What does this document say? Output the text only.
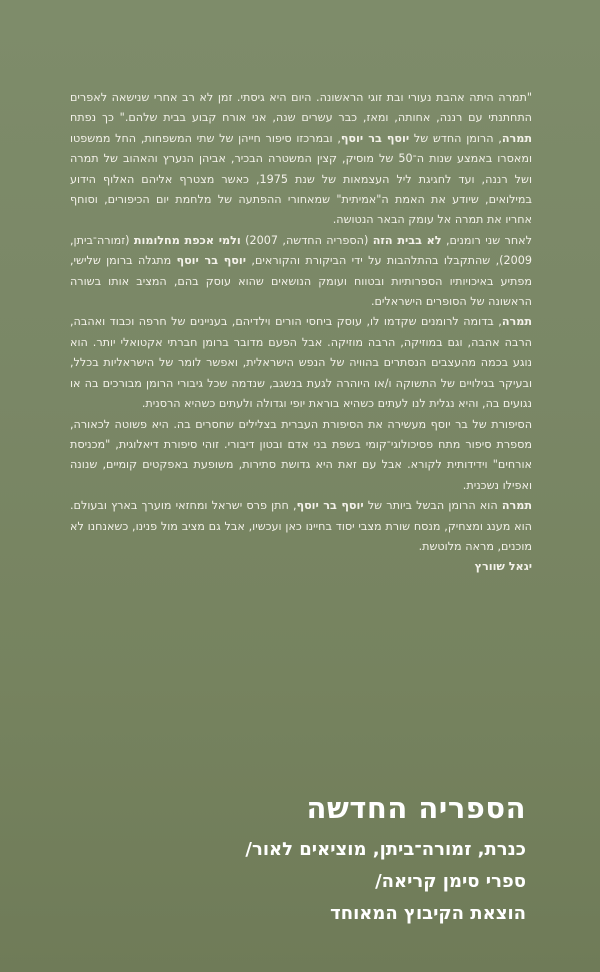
"תמרה היתה אהבת נעורי ובת זוגי הראשונה. היום היא גיסתי. זמן לא רב אחרי שנישאה לאפרים התחתנתי עם רננה, אחותה, ומאז, כבר עשרים שנה, אני אורח קבוע בבית שלהם." כך נפתח תמרה, הרומן החדש של יוסף בר יוסף, ובמרכזו סיפור חייהן של שתי המשפחות, החל ממשפטו ומאסרו באמצע שנות ה־50 של מוסיק, קצין המשטרה הבכיר, אביהן הנערץ והאהוב של תמרה ושל רננה, ועד לחגיגת ליל העצמאות של שנת 1975, כאשר מצטרף אליהם האלוף הידוע במילואים, שיודע את האמת ה"אמיתית" שמאחורי ההפתעה של מלחמת יום הכיפורים, וסוחף אחריו את תמרה אל עומק הבאר הנטושה.

לאחר שני רומנים, לא בבית הזה (הספריה החדשה, 2007) ולמי אכפת מחלומות (זמורה־ביתן, 2009), שהתקבלו בהתלהבות על ידי הביקורת והקוראים, יוסף בר יוסף מתגלה ברומן שלישי, מפתיע באיכויותיו הספרותיות ובטווח ועומק הנושאים שהוא עוסק בהם, המציב אותו בשורה הראשונה של הסופרים הישראלים.

תמרה, בדומה לרומנים שקדמו לו, עוסק ביחסי הורים וילדיהם, בעניינים של חרפה וכבוד ואהבה, הרבה אהבה, וגם במוזיקה, הרבה מוזיקה. אבל הפעם מדובר ברומן חברתי אקטואלי יותר. הוא נוגע בכמה מהעצבים הנסתרים בהוויה של הנפש הישראלית, ואפשר לומר של הישראליות בכלל, ובעיקר בגילויים של התשוקה ו/או היוהרה לגעת בנשגב, שנדמה שכל גיבורי הרומן מבורכים בה או נגועים בה, והיא נגלית לנו לעתים כשהיא בוראת יופי וגדולה ולעתים כשהיא הרסנית.

הסיפורת של בר יוסף מעשירה את הסיפורת העברית בצלילים שחסרים בה. היא פשוטה לכאורה, מספרת סיפור מתח פסיכולוגי־קומי בשפת בני אדם ובטון דיבורי. זוהי סיפורת דיאלוגית, "מכניסת אורחים" וידידותית לקורא. אבל עם זאת היא גדושת סתירות, משופעת באפקטים קומיים, שנונה ואפילו נשכנית.

תמרה הוא הרומן הבשל ביותר של יוסף בר יוסף, חתן פרס ישראל ומחזאי מוערך בארץ ובעולם. הוא מענג ומצחיק, מנסח שורת מצבי יסוד בחיינו כאן ועכשיו, אבל גם מציב מול פנינו, כשאנחנו לא מוכנים, מראה מלוטשת.

יגאל שוורץ

הספריה החדשה
כנרת, זמורה־ביתן, מוציאים לאור/
ספרי סימן קריאה/
הוצאת הקיבוץ המאוחד
